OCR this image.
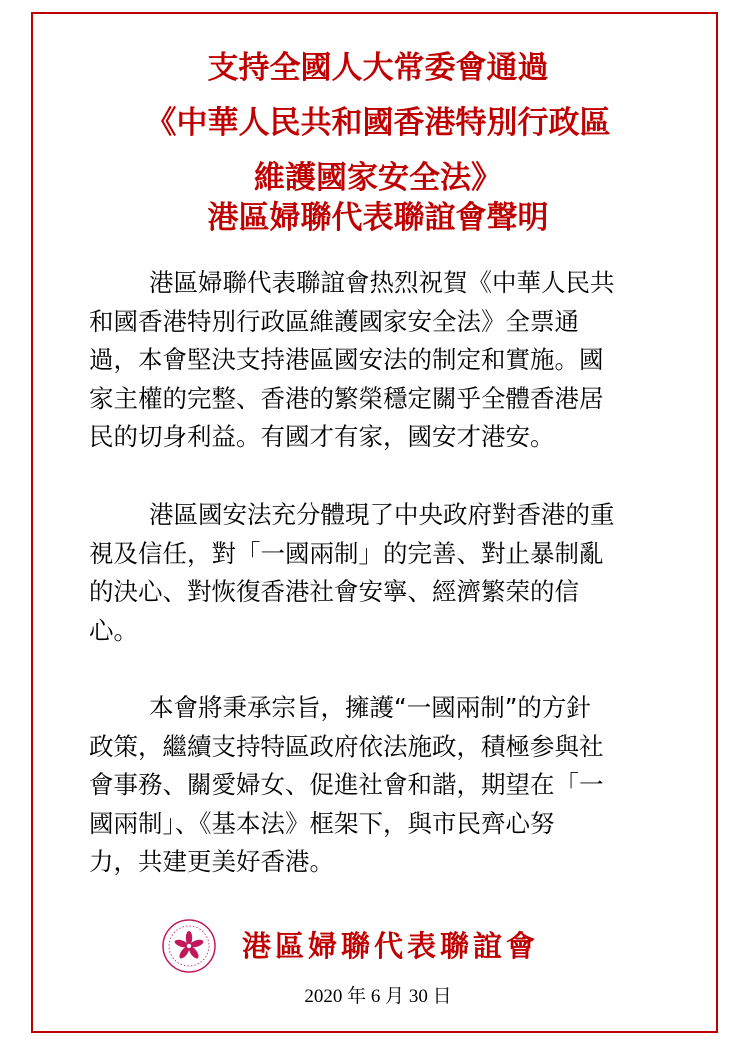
支持全國人大常委會通過
《中華人民共和國香港特別行政區
維護國家安全法》
港區婦聯代表聯誼會聲明
港區婦聯代表聯誼會热烈祝賀《中華人民共
和國香港特別行政區維護國家安全法》全票通
過，本會堅決支持港區國安法的制定和實施。國
家主權的完整、香港的繁榮穩定關乎全體香港居
民的切身利益。有國才有家，國安才港安。
港區國安法充分體現了中央政府對香港的重
視及信任，對「一國兩制」的完善、對止暴制亂
的決心、對恢復香港社會安寧、經濟繁荣的信
心。
本會將秉承宗旨，擁護“一國兩制”的方針
政策，繼續支持特區政府依法施政，積極参與社
會事務、關愛婦女、促進社會和諧，期望在「一
國兩制」、《基本法》框架下，與市民齊心努
力，共建更美好香港。
港區婦聯代表聯誼會
2020 年 6 月 30 日
